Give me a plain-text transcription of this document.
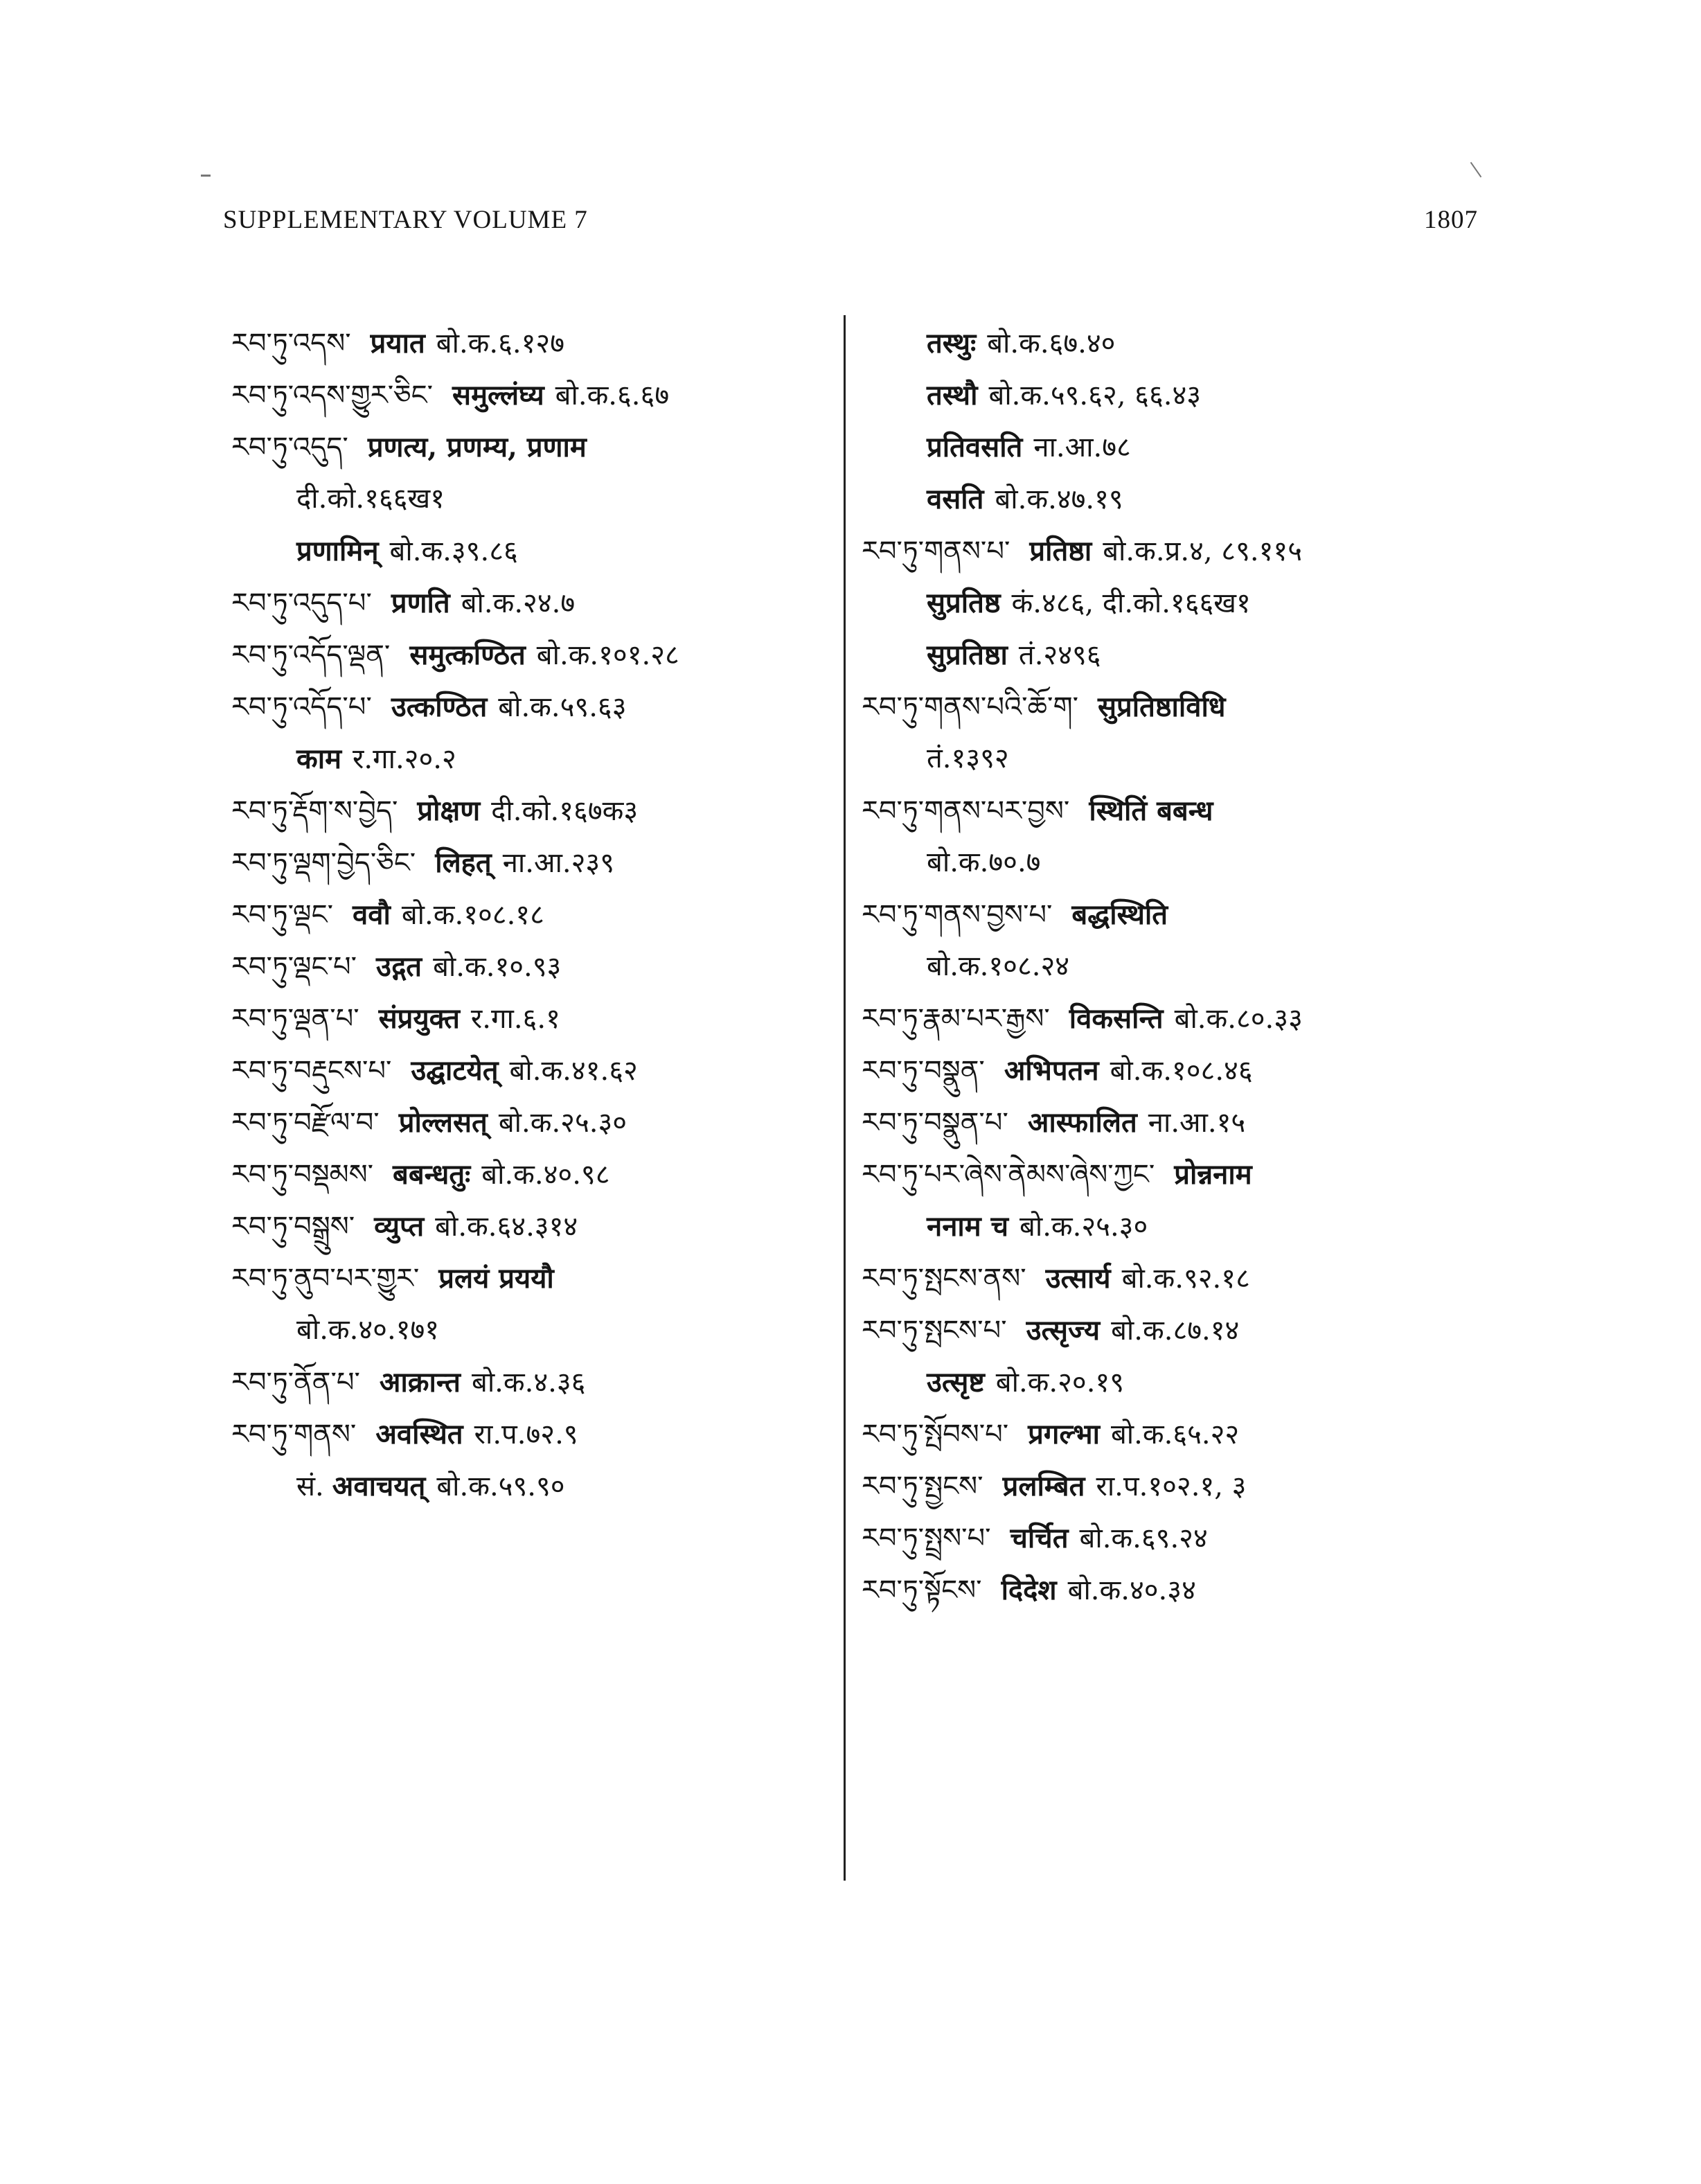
SUPPLEMENTARY VOLUME 7	1807
རབ་ཏུ་འདས་ प्रयात बो.क.६.१२७
རབ་ཏུ་འདས་གྱུར་ཅིང་ समुल्लंघ्य बो.क.६.६७
རབ་ཏུ་འདུད་ प्रणत्य, प्रणम्य, प्रणाम
दी.को.१६६ख१
प्रणामिन् बो.क.३९.८६
རབ་ཏུ་འདུད་པ་ प्रणति बो.क.२४.७
རབ་ཏུ་འདོད་ལྡན་ समुत्कण्ठित बो.क.१०१.२८
རབ་ཏུ་འདོད་པ་ उत्कण्ठित बो.क.५९.६३
काम र.गा.२०.२
རབ་ཏུ་རྡོག་ས་བྱེད་ प्रोक्षण दी.को.१६७क३
རབ་ཏུ་ལྡག་བྱེད་ཅིང་ लिहत् ना.आ.२३९
རབ་ཏུ་ལྡང་ ववौ बो.क.१०८.१८
རབ་ཏུ་ལྡང་པ་ उद्गत बो.क.१०.९३
རབ་ཏུ་ལྡན་པ་ संप्रयुक्त र.गा.६.१
རབ་ཏུ་བརྡུངས་པ་ उद्घाटयेत् बो.क.४१.६२
རབ་ཏུ་བརྫོལ་བ་ प्रोल्लसत् बो.क.२५.३०
རབ་ཏུ་བསྡམས་ बबन्धतुः बो.क.४०.९८
རབ་ཏུ་བསྒྲུས་ व्युप्त बो.क.६४.३१४
རབ་ཏུ་ནུབ་པར་གྱུར་ प्रलयं प्रययौ
बो.क.४०.१७१
རབ་ཏུ་ནོན་པ་ आक्रान्त बो.क.४.३६
རབ་ཏུ་གནས་ अवस्थित रा.प.७२.९
सं. अवाचयत् बो.क.५९.९०
तस्थुः बो.क.६७.४०
तस्थौ बो.क.५९.६२, ६६.४३
प्रतिवसति ना.आ.७८
वसति बो.क.४७.१९
རབ་ཏུ་གནས་པ་ प्रतिष्ठा बो.क.प्र.४, ८९.११५
सुप्रतिष्ठ कं.४८६, दी.को.१६६ख१
सुप्रतिष्ठा तं.२४९६
རབ་ཏུ་གནས་པའི་ཆོ་ག་ सुप्रतिष्ठाविधि
तं.१३९२
རབ་ཏུ་གནས་པར་བྱས་ स्थितिं बबन्ध
बो.क.७०.७
རབ་ཏུ་གནས་བྱས་པ་ बद्धस्थिति
बो.क.१०८.२४
རབ་ཏུ་རྣམ་པར་རྒྱས་ विकसन्ति बो.क.८०.३३
རབ་ཏུ་བསྣུན་ अभिपतन बो.क.१०८.४६
རབ་ཏུ་བསྣུན་པ་ आस्फालित ना.आ.१५
རབ་ཏུ་པར་ཞེས་ནེམས་ཞེས་ཀྱང་ प्रोन्ननाम
ननाम च बो.क.२५.३०
རབ་ཏུ་སྤངས་ནས་ उत्सार्य बो.क.९२.१८
རབ་ཏུ་སྤངས་པ་ उत्सृज्य बो.क.८७.१४
उत्सृष्ट बो.क.२०.१९
རབ་ཏུ་སྤོབས་པ་ प्रगल्भा बो.क.६५.२२
རབ་ཏུ་སྤྱངས་ प्रलम्बित रा.प.१०२.१, ३
རབ་ཏུ་སྤྲས་པ་ चर्चित बो.क.६९.२४
རབ་ཏུ་སྟོངས་ दिदेश बो.क.४०.३४
